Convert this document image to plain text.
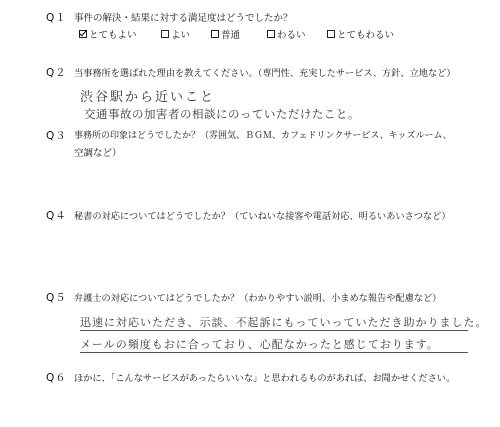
Q１ 事件の解決・結果に対する満足度はどうでしたか？
とてもよい	よい	普通	わるい	とてもわるい
Q２ 当事務所を選ばれた理由を教えてください。（専門性、充実したサービス、方針、立地など）
渋谷駅から近いこと
交通事故の加害者の相談にのっていただけたこと。
Q３ 事務所の印象はどうでしたか？（雰囲気、ＢＧＭ、カフェドリンクサービス、キッズルーム、
空調など）
Q４ 秘書の対応についてはどうでしたか？（ていねいな接客や電話対応、明るいあいさつなど）
Q５ 弁護士の対応についてはどうでしたか？（わかりやすい説明、小まめな報告や配慮など）
迅速に対応いただき、示談、不起訴にもっていっていただき助かりました。
メールの頻度もおに合っており、心配なかったと感じております。
Q６ ほかに、「こんなサービスがあったらいいな」と思われるものがあれば、お聞かせください。
